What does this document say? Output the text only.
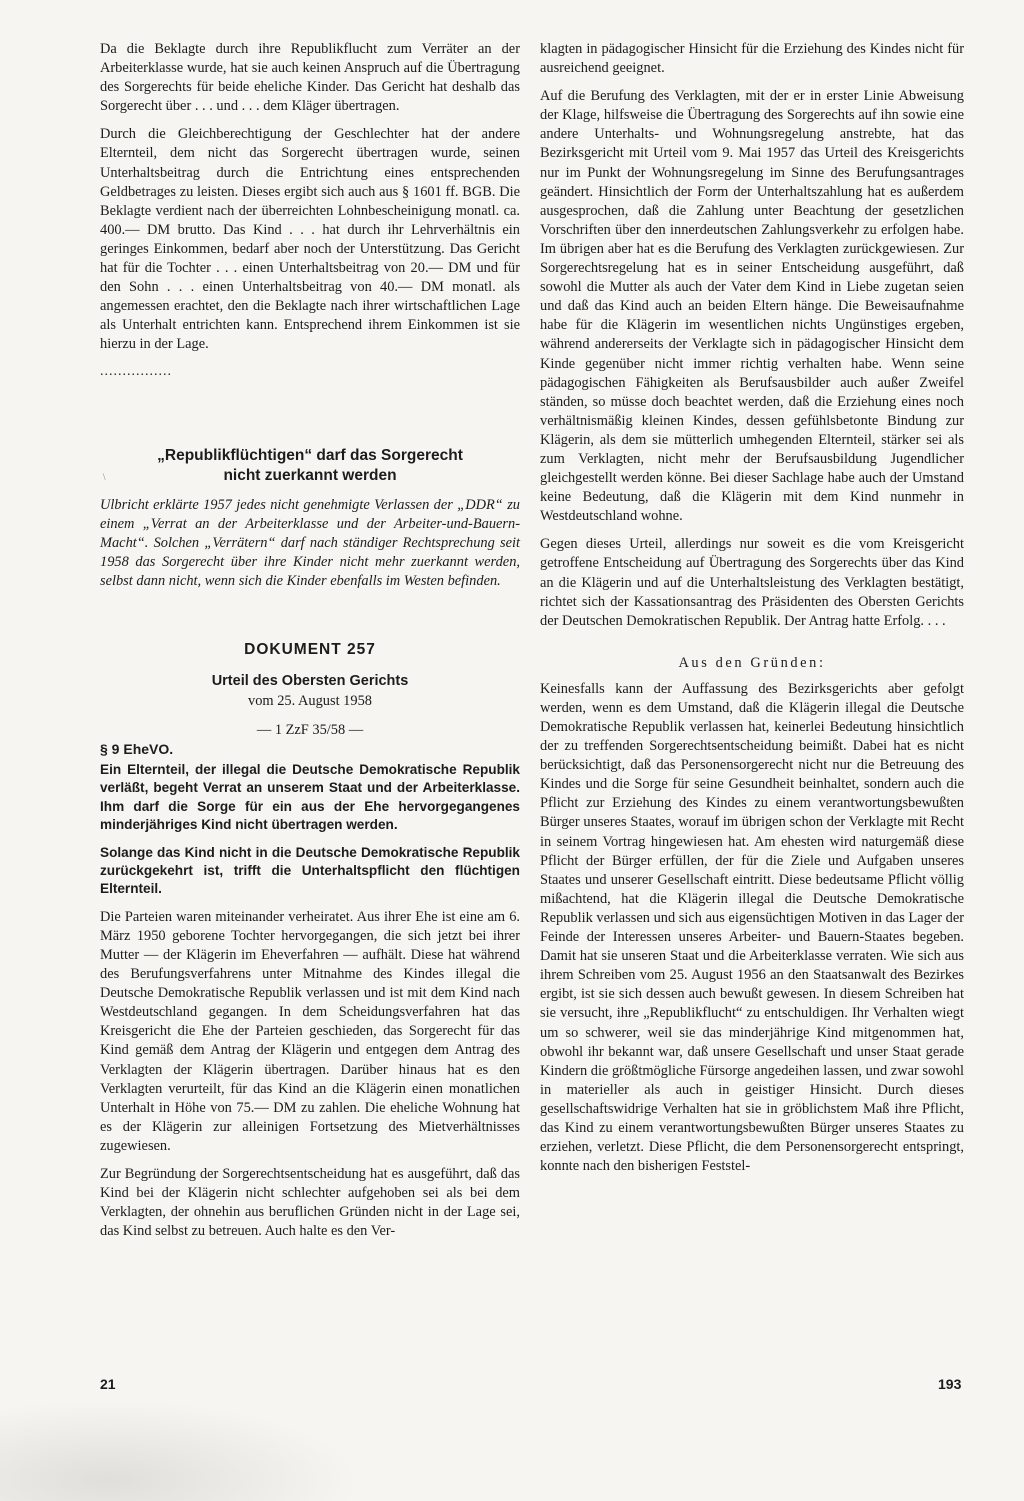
Da die Beklagte durch ihre Republikflucht zum Verräter an der Arbeiterklasse wurde, hat sie auch keinen Anspruch auf die Übertragung des Sorgerechts für beide eheliche Kinder. Das Gericht hat deshalb das Sorgerecht über . . . und . . . dem Kläger übertragen.

Durch die Gleichberechtigung der Geschlechter hat der andere Elternteil, dem nicht das Sorgerecht übertragen wurde, seinen Unterhaltsbeitrag durch die Entrichtung eines entsprechenden Geldbetrages zu leisten. Dieses ergibt sich auch aus § 1601 ff. BGB. Die Beklagte verdient nach der überreichten Lohnbescheinigung monatl. ca. 400.— DM brutto. Das Kind . . . hat durch ihr Lehrverhältnis ein geringes Einkommen, bedarf aber noch der Unterstützung. Das Gericht hat für die Tochter . . . einen Unterhaltsbeitrag von 20.— DM und für den Sohn . . . einen Unterhaltsbeitrag von 40.— DM monatl. als angemessen erachtet, den die Beklagte nach ihrer wirtschaftlichen Lage als Unterhalt entrichten kann. Entsprechend ihrem Einkommen ist sie hierzu in der Lage.

................
„Republikflüchtigen“ darf das Sorgerecht
nicht zuerkannt werden

Ulbricht erklärte 1957 jedes nicht genehmigte Verlassen der „DDR“ zu einem „Verrat an der Arbeiterklasse und der Arbeiter-und-Bauern-Macht“. Solchen „Verrätern“ darf nach ständiger Rechtsprechung seit 1958 das Sorgerecht über ihre Kinder nicht mehr zuerkannt werden, selbst dann nicht, wenn sich die Kinder ebenfalls im Westen befinden.

DOKUMENT 257
Urteil des Obersten Gerichts
vom 25. August 1958
— 1 ZzF 35/58 —
§ 9 EheVO.

Ein Elternteil, der illegal die Deutsche Demokratische Republik verläßt, begeht Verrat an unserem Staat und der Arbeiterklasse. Ihm darf die Sorge für ein aus der Ehe hervorgegangenes minderjähriges Kind nicht übertragen werden.

Solange das Kind nicht in die Deutsche Demokratische Republik zurückgekehrt ist, trifft die Unterhaltspflicht den flüchtigen Elternteil.

Die Parteien waren miteinander verheiratet. Aus ihrer Ehe ist eine am 6. März 1950 geborene Tochter hervorgegangen, die sich jetzt bei ihrer Mutter — der Klägerin im Eheverfahren — aufhält. Diese hat während des Berufungsverfahrens unter Mitnahme des Kindes illegal die Deutsche Demokratische Republik verlassen und ist mit dem Kind nach Westdeutschland gegangen. In dem Scheidungsverfahren hat das Kreisgericht die Ehe der Parteien geschieden, das Sorgerecht für das Kind gemäß dem Antrag der Klägerin und entgegen dem Antrag des Verklagten der Klägerin übertragen. Darüber hinaus hat es den Verklagten verurteilt, für das Kind an die Klägerin einen monatlichen Unterhalt in Höhe von 75.— DM zu zahlen. Die eheliche Wohnung hat es der Klägerin zur alleinigen Fortsetzung des Mietverhältnisses zugewiesen.

Zur Begründung der Sorgerechtsentscheidung hat es ausgeführt, daß das Kind bei der Klägerin nicht schlechter aufgehoben sei als bei dem Verklagten, der ohnehin aus beruflichen Gründen nicht in der Lage sei, das Kind selbst zu betreuen. Auch halte es den Ver-

klagten in pädagogischer Hinsicht für die Erziehung des Kindes nicht für ausreichend geeignet.

Auf die Berufung des Verklagten, mit der er in erster Linie Abweisung der Klage, hilfsweise die Übertragung des Sorgerechts auf ihn sowie eine andere Unterhalts- und Wohnungsregelung anstrebte, hat das Bezirksgericht mit Urteil vom 9. Mai 1957 das Urteil des Kreisgerichts nur im Punkt der Wohnungsregelung im Sinne des Berufungsantrages geändert. Hinsichtlich der Form der Unterhaltszahlung hat es außerdem ausgesprochen, daß die Zahlung unter Beachtung der gesetzlichen Vorschriften über den innerdeutschen Zahlungsverkehr zu erfolgen habe. Im übrigen aber hat es die Berufung des Verklagten zurückgewiesen. Zur Sorgerechtsregelung hat es in seiner Entscheidung ausgeführt, daß sowohl die Mutter als auch der Vater dem Kind in Liebe zugetan seien und daß das Kind auch an beiden Eltern hänge. Die Beweisaufnahme habe für die Klägerin im wesentlichen nichts Ungünstiges ergeben, während andererseits der Verklagte sich in pädagogischer Hinsicht dem Kinde gegenüber nicht immer richtig verhalten habe. Wenn seine pädagogischen Fähigkeiten als Berufsausbilder auch außer Zweifel ständen, so müsse doch beachtet werden, daß die Erziehung eines noch verhältnismäßig kleinen Kindes, dessen gefühlsbetonte Bindung zur Klägerin, als dem sie mütterlich umhegenden Elternteil, stärker sei als zum Verklagten, nicht mehr der Berufsausbildung Jugendlicher gleichgestellt werden könne. Bei dieser Sachlage habe auch der Umstand keine Bedeutung, daß die Klägerin mit dem Kind nunmehr in Westdeutschland wohne.

Gegen dieses Urteil, allerdings nur soweit es die vom Kreisgericht getroffene Entscheidung auf Übertragung des Sorgerechts über das Kind an die Klägerin und auf die Unterhaltsleistung des Verklagten bestätigt, richtet sich der Kassationsantrag des Präsidenten des Obersten Gerichts der Deutschen Demokratischen Republik. Der Antrag hatte Erfolg. . . .

Aus den Gründen:

Keinesfalls kann der Auffassung des Bezirksgerichts aber gefolgt werden, wenn es dem Umstand, daß die Klägerin illegal die Deutsche Demokratische Republik verlassen hat, keinerlei Bedeutung hinsichtlich der zu treffenden Sorgerechtsentscheidung beimißt. Dabei hat es nicht berücksichtigt, daß das Personensorgerecht nicht nur die Betreuung des Kindes und die Sorge für seine Gesundheit beinhaltet, sondern auch die Pflicht zur Erziehung des Kindes zu einem verantwortungsbewußten Bürger unseres Staates, worauf im übrigen schon der Verklagte mit Recht in seinem Vortrag hingewiesen hat. Am ehesten wird naturgemäß diese Pflicht der Bürger erfüllen, der für die Ziele und Aufgaben unseres Staates und unserer Gesellschaft eintritt. Diese bedeutsame Pflicht völlig mißachtend, hat die Klägerin illegal die Deutsche Demokratische Republik verlassen und sich aus eigensüchtigen Motiven in das Lager der Feinde der Interessen unseres Arbeiter- und Bauern-Staates begeben. Damit hat sie unseren Staat und die Arbeiterklasse verraten. Wie sich aus ihrem Schreiben vom 25. August 1956 an den Staatsanwalt des Bezirkes ergibt, ist sie sich dessen auch bewußt gewesen. In diesem Schreiben hat sie versucht, ihre „Republikflucht“ zu entschuldigen. Ihr Verhalten wiegt um so schwerer, weil sie das minderjährige Kind mitgenommen hat, obwohl ihr bekannt war, daß unsere Gesellschaft und unser Staat gerade Kindern die größtmögliche Fürsorge angedeihen lassen, und zwar sowohl in materieller als auch in geistiger Hinsicht. Durch dieses gesellschaftswidrige Verhalten hat sie in gröblichstem Maß ihre Pflicht, das Kind zu einem verantwortungsbewußten Bürger unseres Staates zu erziehen, verletzt. Diese Pflicht, die dem Personensorgerecht entspringt, konnte nach den bisherigen Feststel-

\
21	193
